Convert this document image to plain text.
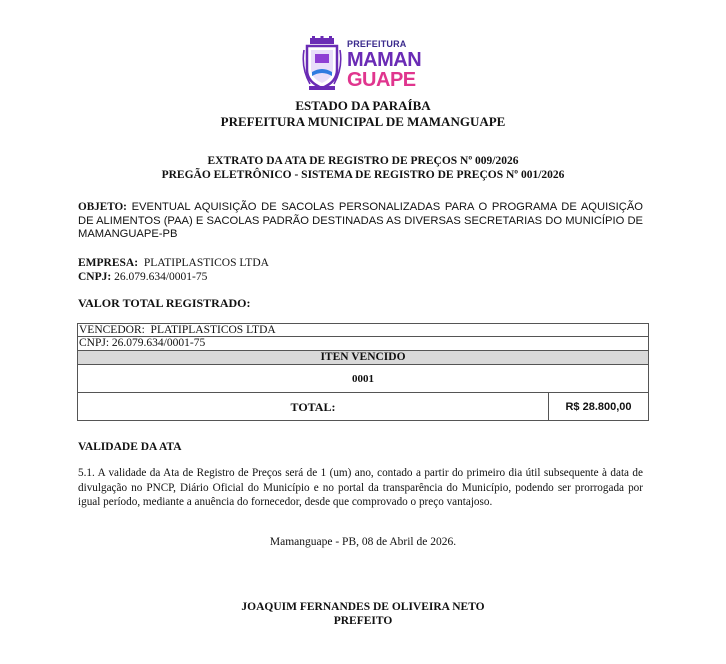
PREFEITURA
MAMAN
GUAPE
ESTADO DA PARAÍBA
PREFEITURA MUNICIPAL DE MAMANGUAPE
EXTRATO DA ATA DE REGISTRO DE PREÇOS Nº 009/2026
PREGÃO ELETRÔNICO - SISTEMA DE REGISTRO DE PREÇOS Nº 001/2026
OBJETO: EVENTUAL AQUISIÇÃO DE SACOLAS PERSONALIZADAS PARA O PROGRAMA DE AQUISIÇÃO DE ALIMENTOS (PAA) E SACOLAS PADRÃO DESTINADAS AS DIVERSAS SECRETARIAS DO MUNICÍPIO DE MAMANGUAPE-PB
EMPRESA:  PLATIPLASTICOS LTDA
CNPJ: 26.079.634/0001-75
VALOR TOTAL REGISTRADO:
VENCEDOR:  PLATIPLASTICOS LTDA
CNPJ: 26.079.634/0001-75
ITEN VENCIDO
0001
TOTAL:	R$ 28.800,00
VALIDADE DA ATA
5.1. A validade da Ata de Registro de Preços será de 1 (um) ano, contado a partir do primeiro dia útil subsequente à data de divulgação no PNCP, Diário Oficial do Município e no portal da transparência do Município, podendo ser prorrogada por igual período, mediante a anuência do fornecedor, desde que comprovado o preço vantajoso.
Mamanguape - PB, 08 de Abril de 2026.
JOAQUIM FERNANDES DE OLIVEIRA NETO
PREFEITO
